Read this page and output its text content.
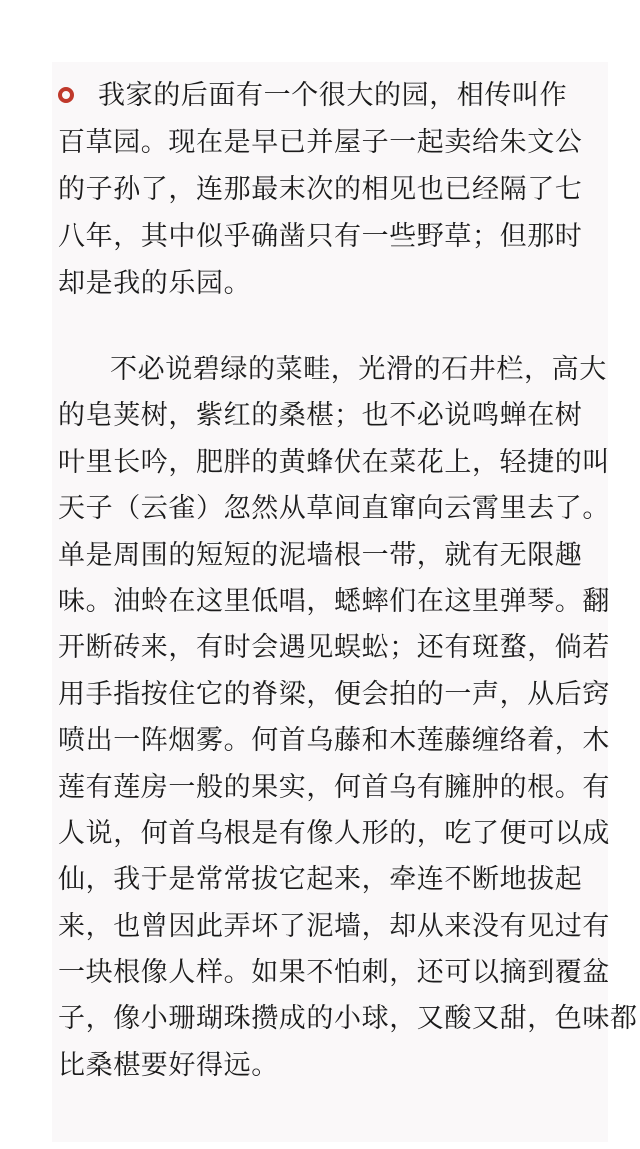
我家的后面有一个很大的园，相传叫作
百草园。现在是早已并屋子一起卖给朱文公
的子孙了，连那最末次的相见也已经隔了七
八年，其中似乎确凿只有一些野草；但那时
却是我的乐园。
不必说碧绿的菜畦，光滑的石井栏，高大
的皂荚树，紫红的桑椹；也不必说鸣蝉在树
叶里长吟，肥胖的黄蜂伏在菜花上，轻捷的叫
天子（云雀）忽然从草间直窜向云霄里去了。
单是周围的短短的泥墙根一带，就有无限趣
味。油蛉在这里低唱，蟋蟀们在这里弹琴。翻
开断砖来，有时会遇见蜈蚣；还有斑蝥，倘若
用手指按住它的脊梁，便会拍的一声，从后窍
喷出一阵烟雾。何首乌藤和木莲藤缠络着，木
莲有莲房一般的果实，何首乌有臃肿的根。有
人说，何首乌根是有像人形的，吃了便可以成
仙，我于是常常拔它起来，牵连不断地拔起
来，也曾因此弄坏了泥墙，却从来没有见过有
一块根像人样。如果不怕刺，还可以摘到覆盆
子，像小珊瑚珠攒成的小球，又酸又甜，色味都
比桑椹要好得远。
